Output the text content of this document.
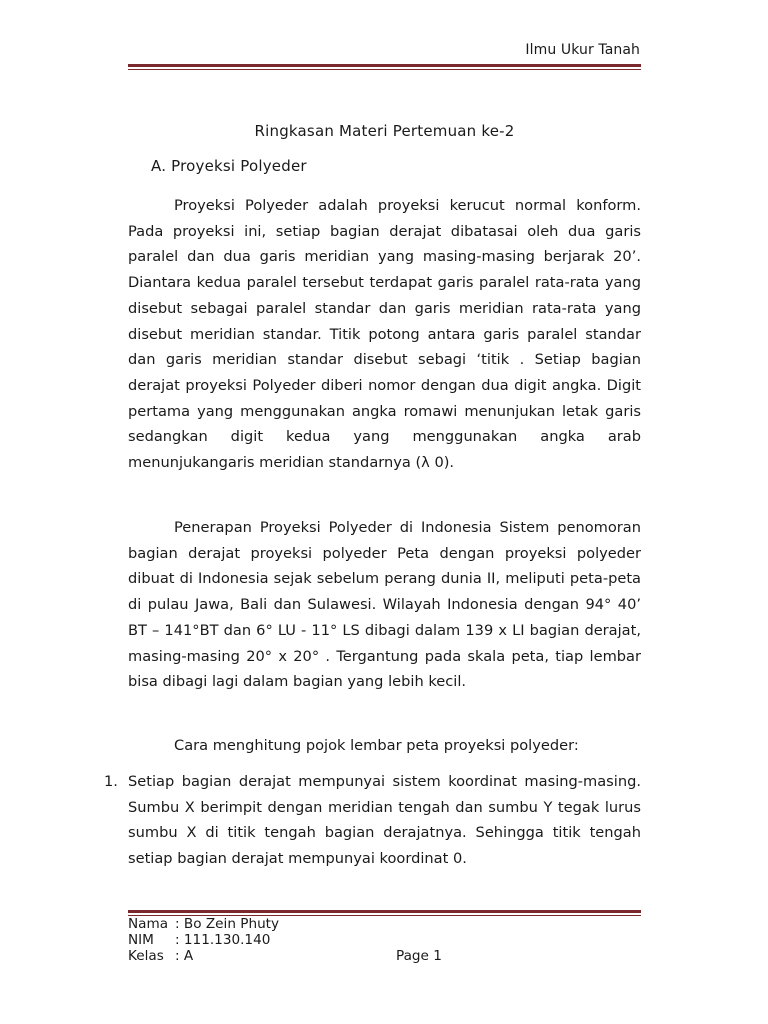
Ilmu Ukur Tanah
Ringkasan Materi Pertemuan ke-2
A. Proyeksi Polyeder

Proyeksi Polyeder adalah proyeksi kerucut normal konform. Pada proyeksi ini, setiap bagian derajat dibatasai oleh dua garis paralel dan dua garis meridian yang masing-masing berjarak 20’. Diantara kedua paralel tersebut terdapat garis paralel rata-rata yang disebut sebagai paralel standar dan garis meridian rata-rata yang disebut meridian standar. Titik potong antara garis paralel standar dan garis meridian standar disebut sebagi ‘titik . Setiap bagian derajat proyeksi Polyeder diberi nomor dengan dua digit angka. Digit pertama yang menggunakan angka romawi menunjukan letak garis sedangkan digit kedua yang menggunakan angka arab menunjukangaris meridian standarnya (λ 0).

Penerapan Proyeksi Polyeder di Indonesia Sistem penomoran bagian derajat proyeksi polyeder Peta dengan proyeksi polyeder dibuat di Indonesia sejak sebelum perang dunia II, meliputi peta-peta di pulau Jawa, Bali dan Sulawesi. Wilayah Indonesia dengan 94° 40’ BT – 141°BT dan 6° LU - 11° LS dibagi dalam 139 x LI bagian derajat, masing-masing 20° x 20° . Tergantung pada skala peta, tiap lembar bisa dibagi lagi dalam bagian yang lebih kecil.

Cara menghitung pojok lembar peta proyeksi polyeder:

1. Setiap bagian derajat mempunyai sistem koordinat masing-masing. Sumbu X berimpit dengan meridian tengah dan sumbu Y tegak lurus sumbu X di titik tengah bagian derajatnya. Sehingga titik tengah setiap bagian derajat mempunyai koordinat 0.
Nama : Bo Zein Phuty
NIM	: 111.130.140
Kelas : A	Page 1
